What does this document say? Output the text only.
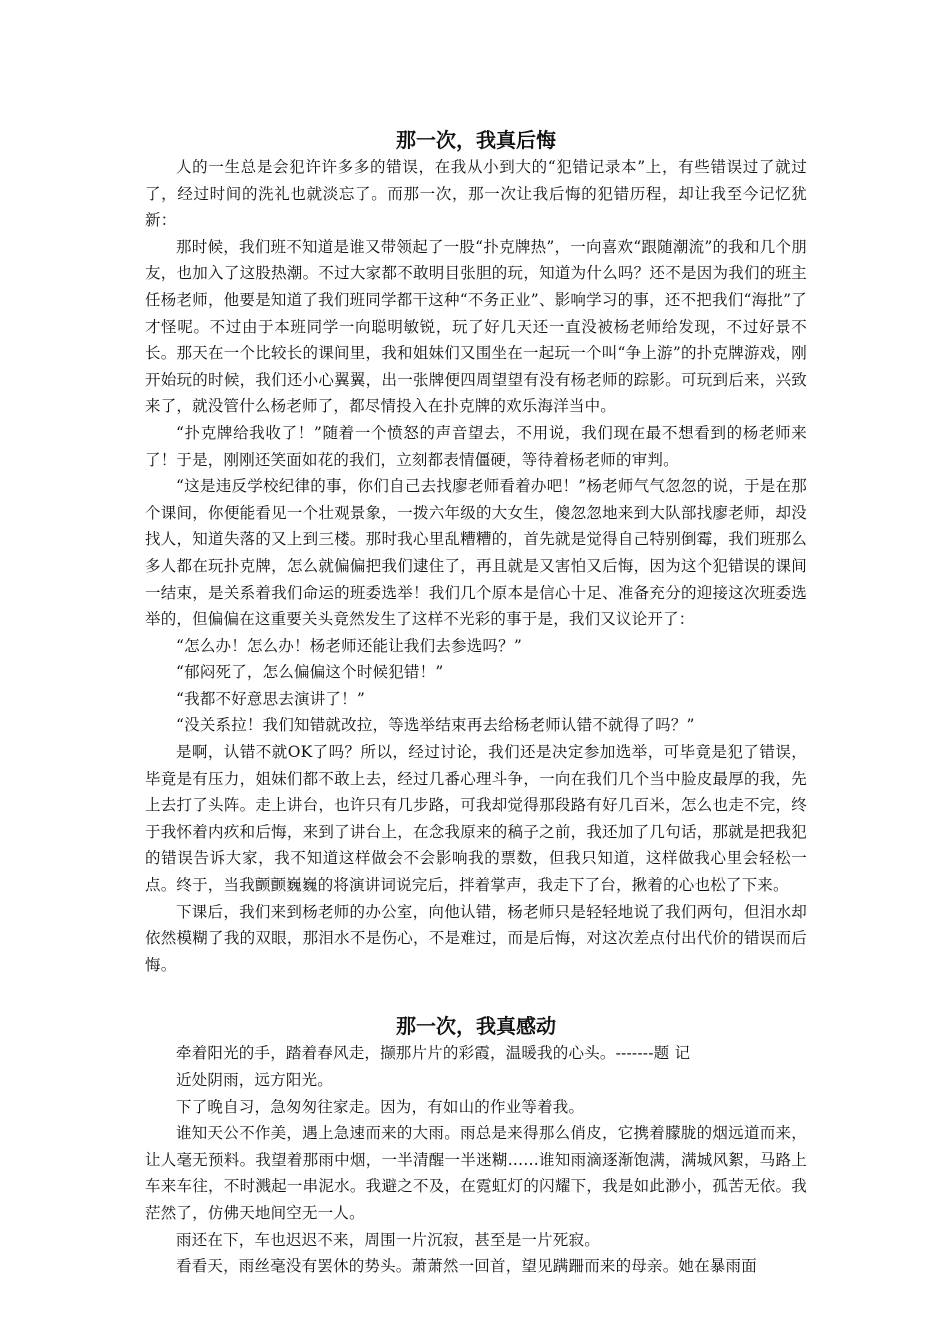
那一次，我真后悔

人的一生总是会犯许许多多的错误，在我从小到大的“犯错记录本”上，有些错误过了就过了，经过时间的洗礼也就淡忘了。而那一次，那一次让我后悔的犯错历程，却让我至今记忆犹新：

那时候，我们班不知道是谁又带领起了一股“扑克牌热”，一向喜欢“跟随潮流”的我和几个朋友，也加入了这股热潮。不过大家都不敢明目张胆的玩，知道为什么吗？还不是因为我们的班主任杨老师，他要是知道了我们班同学都干这种“不务正业”、影响学习的事，还不把我们“海批”了才怪呢。不过由于本班同学一向聪明敏锐，玩了好几天还一直没被杨老师给发现，不过好景不长。那天在一个比较长的课间里，我和姐妹们又围坐在一起玩一个叫“争上游”的扑克牌游戏，刚开始玩的时候，我们还小心翼翼，出一张牌便四周望望有没有杨老师的踪影。可玩到后来，兴致来了，就没管什么杨老师了，都尽情投入在扑克牌的欢乐海洋当中。

“扑克牌给我收了！”随着一个愤怒的声音望去，不用说，我们现在最不想看到的杨老师来了！于是，刚刚还笑面如花的我们，立刻都表情僵硬，等待着杨老师的审判。

“这是违反学校纪律的事，你们自己去找廖老师看着办吧！”杨老师气气忽忽的说，于是在那个课间，你便能看见一个壮观景象，一拨六年级的大女生，傻忽忽地来到大队部找廖老师，却没找人，知道失落的又上到三楼。那时我心里乱糟糟的，首先就是觉得自己特别倒霉，我们班那么多人都在玩扑克牌，怎么就偏偏把我们逮住了，再且就是又害怕又后悔，因为这个犯错误的课间一结束，是关系着我们命运的班委选举！我们几个原本是信心十足、准备充分的迎接这次班委选举的，但偏偏在这重要关头竟然发生了这样不光彩的事于是，我们又议论开了：

“怎么办！怎么办！杨老师还能让我们去参选吗？”

“郁闷死了，怎么偏偏这个时候犯错！”

“我都不好意思去演讲了！”

“没关系拉！我们知错就改拉，等选举结束再去给杨老师认错不就得了吗？”

是啊，认错不就OK了吗？所以，经过讨论，我们还是决定参加选举，可毕竟是犯了错误，毕竟是有压力，姐妹们都不敢上去，经过几番心理斗争，一向在我们几个当中脸皮最厚的我，先上去打了头阵。走上讲台，也许只有几步路，可我却觉得那段路有好几百米，怎么也走不完，终于我怀着内疚和后悔，来到了讲台上，在念我原来的稿子之前，我还加了几句话，那就是把我犯的错误告诉大家，我不知道这样做会不会影响我的票数，但我只知道，这样做我心里会轻松一点。终于，当我颤颤巍巍的将演讲词说完后，拌着掌声，我走下了台，揪着的心也松了下来。

下课后，我们来到杨老师的办公室，向他认错，杨老师只是轻轻地说了我们两句，但泪水却依然模糊了我的双眼，那泪水不是伤心，不是难过，而是后悔，对这次差点付出代价的错误而后悔。

那一次，我真感动

牵着阳光的手，踏着春风走，撷那片片的彩霞，温暖我的心头。-------题 记

近处阴雨，远方阳光。

下了晚自习，急匆匆往家走。因为，有如山的作业等着我。

谁知天公不作美，遇上急速而来的大雨。雨总是来得那么俏皮，它携着朦胧的烟远道而来，让人毫无预料。我望着那雨中烟，一半清醒一半迷糊……谁知雨滴逐渐饱满，满城风絮，马路上车来车往，不时溅起一串泥水。我避之不及，在霓虹灯的闪耀下，我是如此渺小，孤苦无依。我茫然了，仿佛天地间空无一人。

雨还在下，车也迟迟不来，周围一片沉寂，甚至是一片死寂。

看看天，雨丝毫没有罢休的势头。萧萧然一回首，望见蹒跚而来的母亲。她在暴雨面
